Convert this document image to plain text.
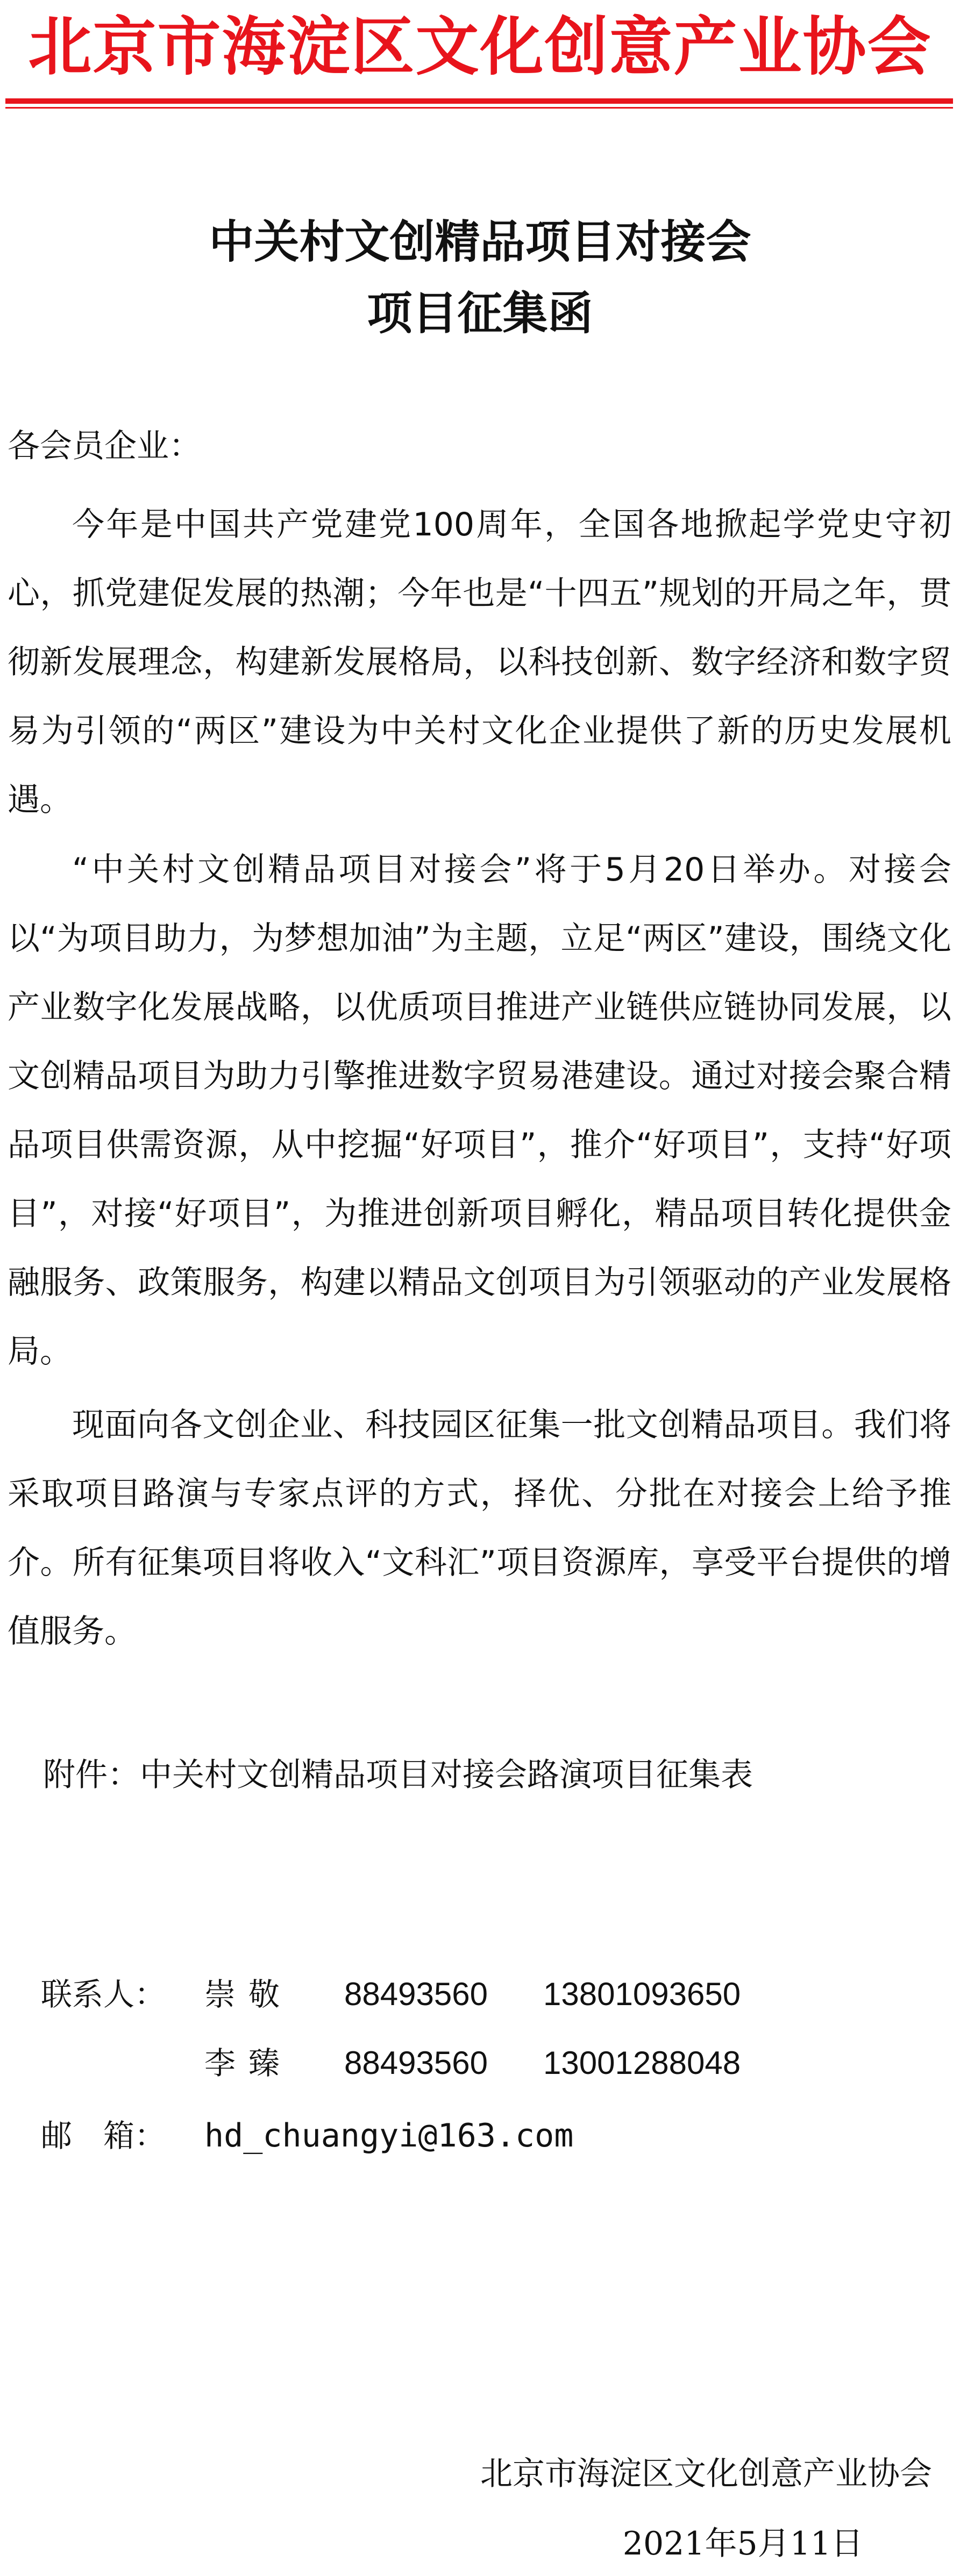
北京市海淀区文化创意产业协会
中关村文创精品项目对接会
项目征集函
各会员企业：

今年是中国共产党建党100周年，全国各地掀起学党史守初心，抓党建促发展的热潮；今年也是“十四五”规划的开局之年，贯彻新发展理念，构建新发展格局，以科技创新、数字经济和数字贸易为引领的“两区”建设为中关村文化企业提供了新的历史发展机遇。

“中关村文创精品项目对接会”将于5月20日举办。对接会以“为项目助力，为梦想加油”为主题，立足“两区”建设，围绕文化产业数字化发展战略，以优质项目推进产业链供应链协同发展，以文创精品项目为助力引擎推进数字贸易港建设。通过对接会聚合精品项目供需资源，从中挖掘“好项目”，推介“好项目”，支持“好项目”，对接“好项目”，为推进创新项目孵化，精品项目转化提供金融服务、政策服务，构建以精品文创项目为引领驱动的产业发展格局。

现面向各文创企业、科技园区征集一批文创精品项目。我们将采取项目路演与专家点评的方式，择优、分批在对接会上给予推介。所有征集项目将收入“文科汇”项目资源库，享受平台提供的增值服务。

附件：中关村文创精品项目对接会路演项目征集表
联系人： 崇敬 88493560 13801093650
李臻 88493560 13001288048
邮　箱： hd_chuangyi@163.com
北京市海淀区文化创意产业协会
2021年5月11日
